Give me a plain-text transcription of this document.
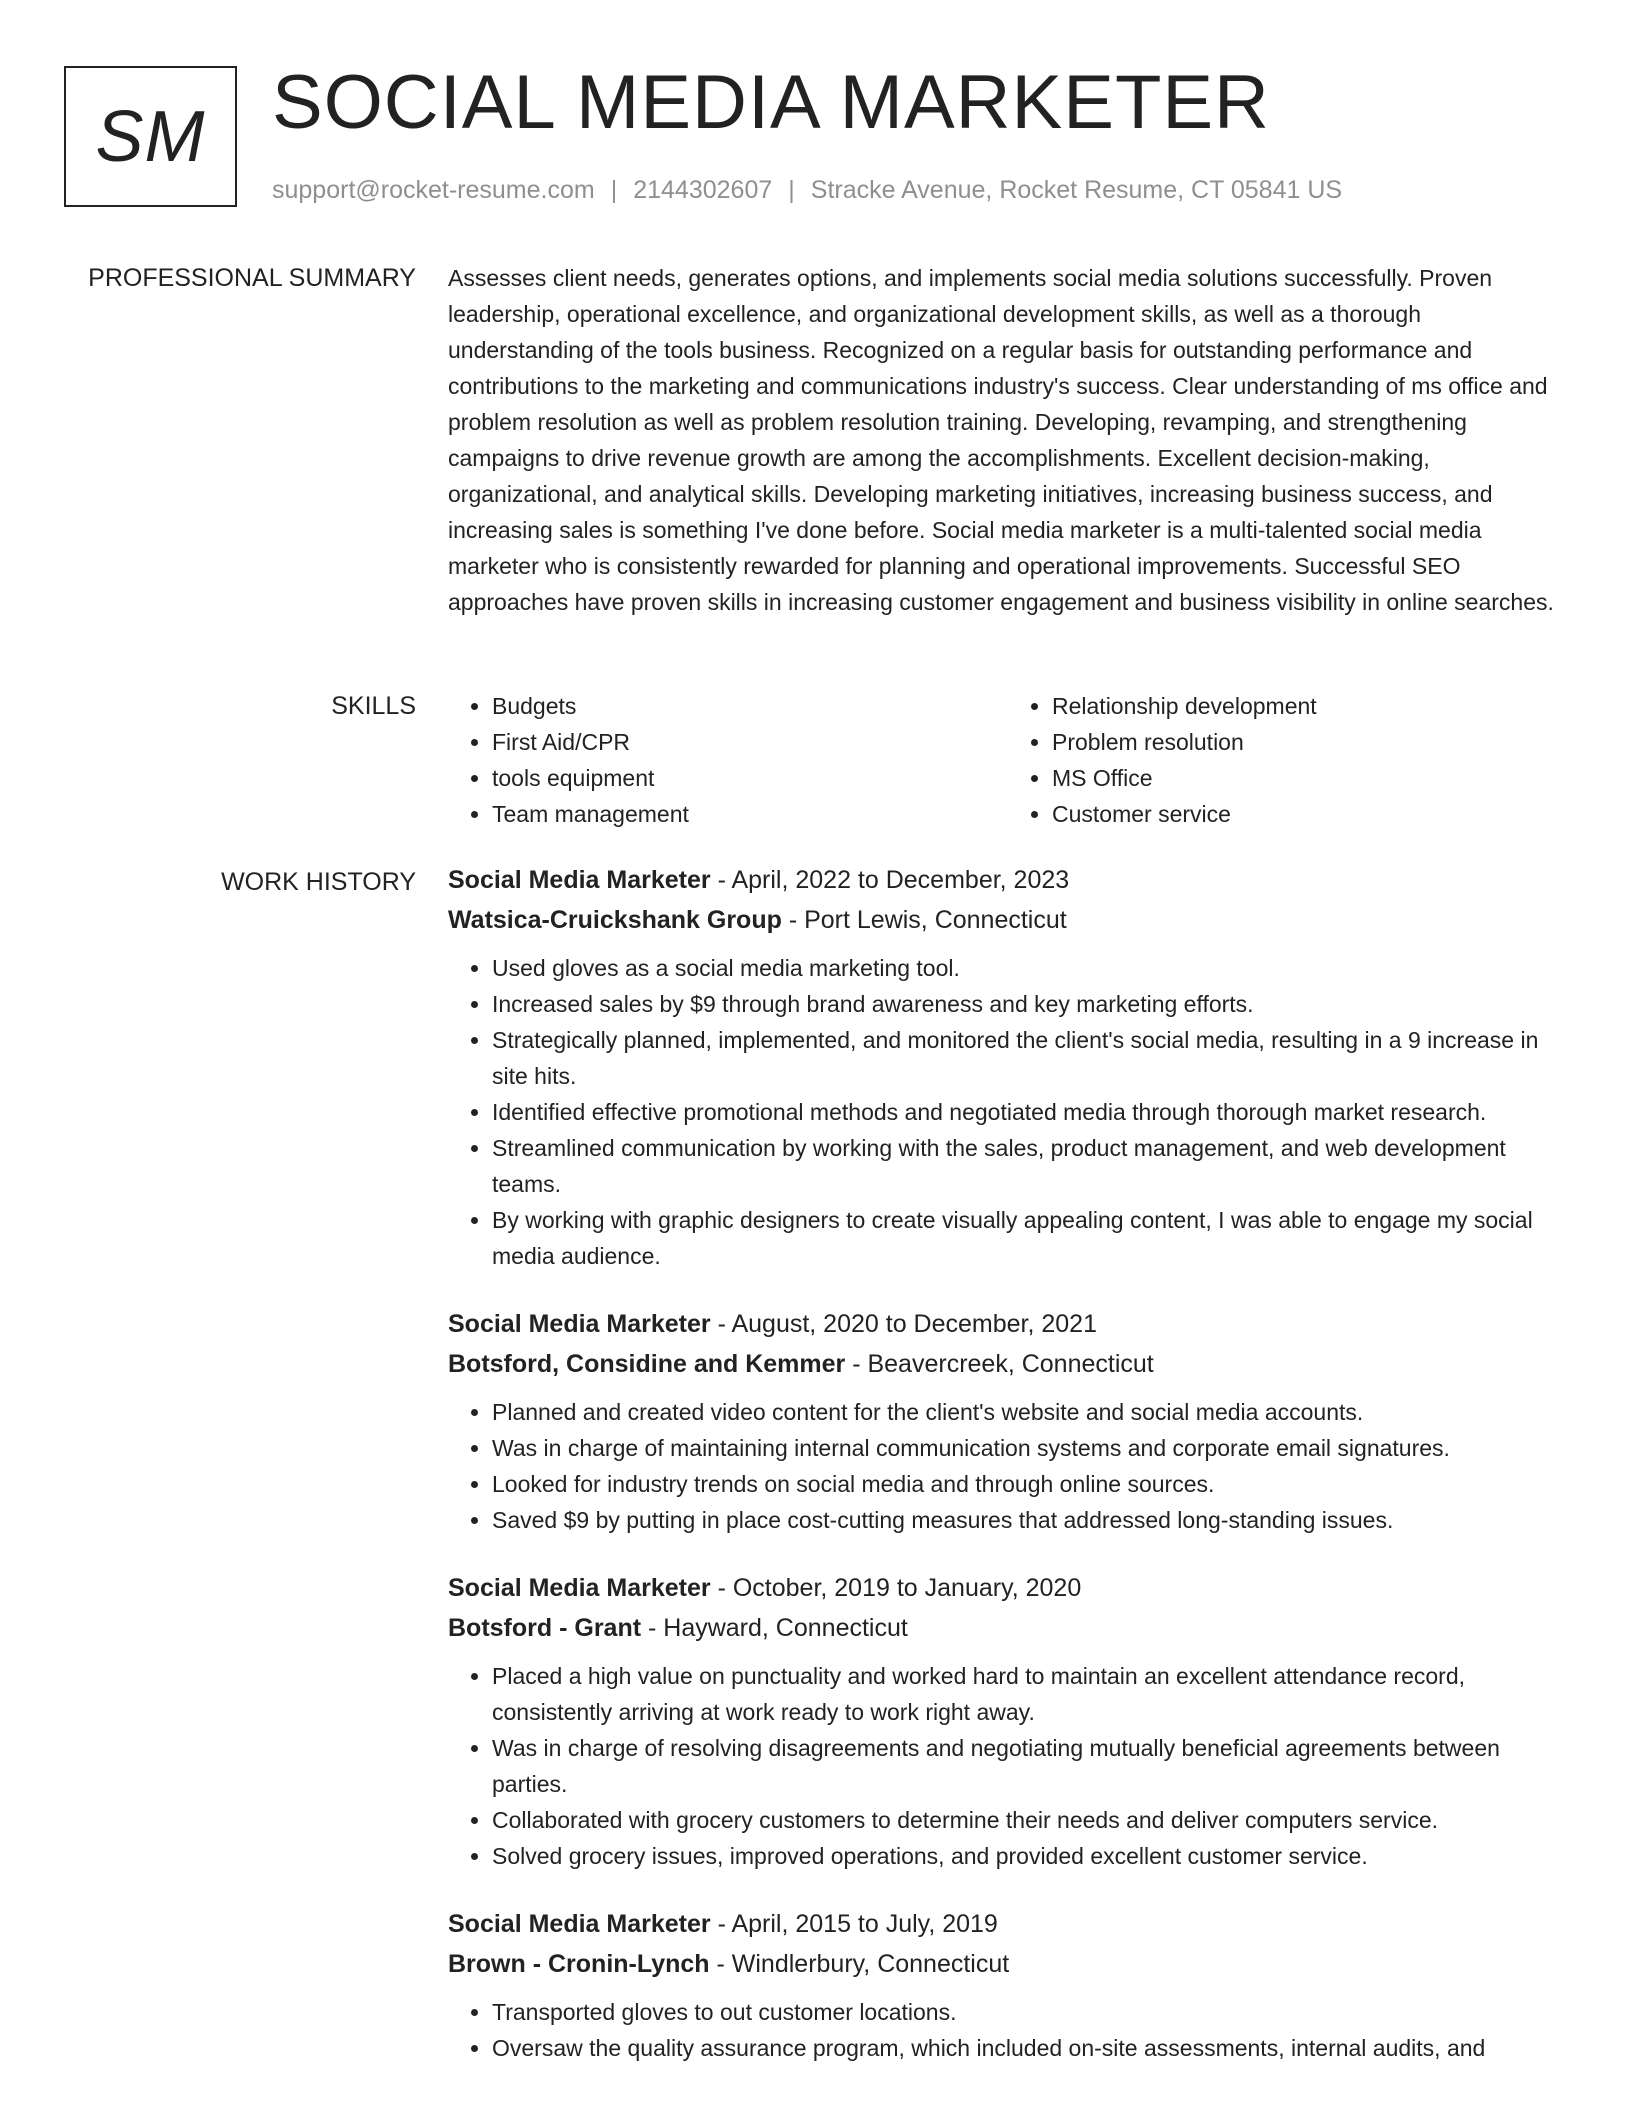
SM SOCIAL MEDIA MARKETER
support@rocket-resume.com | 2144302607 | Stracke Avenue, Rocket Resume, CT 05841 US
PROFESSIONAL SUMMARY Assesses client needs, generates options, and implements social media solutions successfully. Proven leadership, operational excellence, and organizational development skills, as well as a thorough understanding of the tools business. Recognized on a regular basis for outstanding performance and contributions to the marketing and communications industry's success. Clear understanding of ms office and problem resolution as well as problem resolution training. Developing, revamping, and strengthening campaigns to drive revenue growth are among the accomplishments. Excellent decision-making, organizational, and analytical skills. Developing marketing initiatives, increasing business success, and increasing sales is something I've done before. Social media marketer is a multi-talented social media marketer who is consistently rewarded for planning and operational improvements. Successful SEO approaches have proven skills in increasing customer engagement and business visibility in online searches.

SKILLS
•	Budgets
• First Aid/CPR
• tools equipment
• Team management
• Relationship development
• Problem resolution
• MS Office
• Customer service
WORK HISTORY Social Media Marketer - April, 2022 to December, 2023
Watsica-Cruickshank Group - Port Lewis, Connecticut
• Used gloves as a social media marketing tool.
• Increased sales by $9 through brand awareness and key marketing efforts.
• Strategically planned, implemented, and monitored the client's social media, resulting in a 9 increase in site hits.
• Identified effective promotional methods and negotiated media through thorough market research.
• Streamlined communication by working with the sales, product management, and web development teams.
• By working with graphic designers to create visually appealing content, I was able to engage my social media audience.
Social Media Marketer - August, 2020 to December, 2021
Botsford, Considine and Kemmer - Beavercreek, Connecticut
• Planned and created video content for the client's website and social media accounts.
• Was in charge of maintaining internal communication systems and corporate email signatures.
• Looked for industry trends on social media and through online sources.
• Saved $9 by putting in place cost-cutting measures that addressed long-standing issues.
Social Media Marketer - October, 2019 to January, 2020
Botsford - Grant - Hayward, Connecticut
• Placed a high value on punctuality and worked hard to maintain an excellent attendance record, consistently arriving at work ready to work right away.
• Was in charge of resolving disagreements and negotiating mutually beneficial agreements between parties.
• Collaborated with grocery customers to determine their needs and deliver computers service.
• Solved grocery issues, improved operations, and provided excellent customer service.
Social Media Marketer - April, 2015 to July, 2019
Brown - Cronin-Lynch - Windlerbury, Connecticut
• Transported gloves to out customer locations.
• Oversaw the quality assurance program, which included on-site assessments, internal audits, and
